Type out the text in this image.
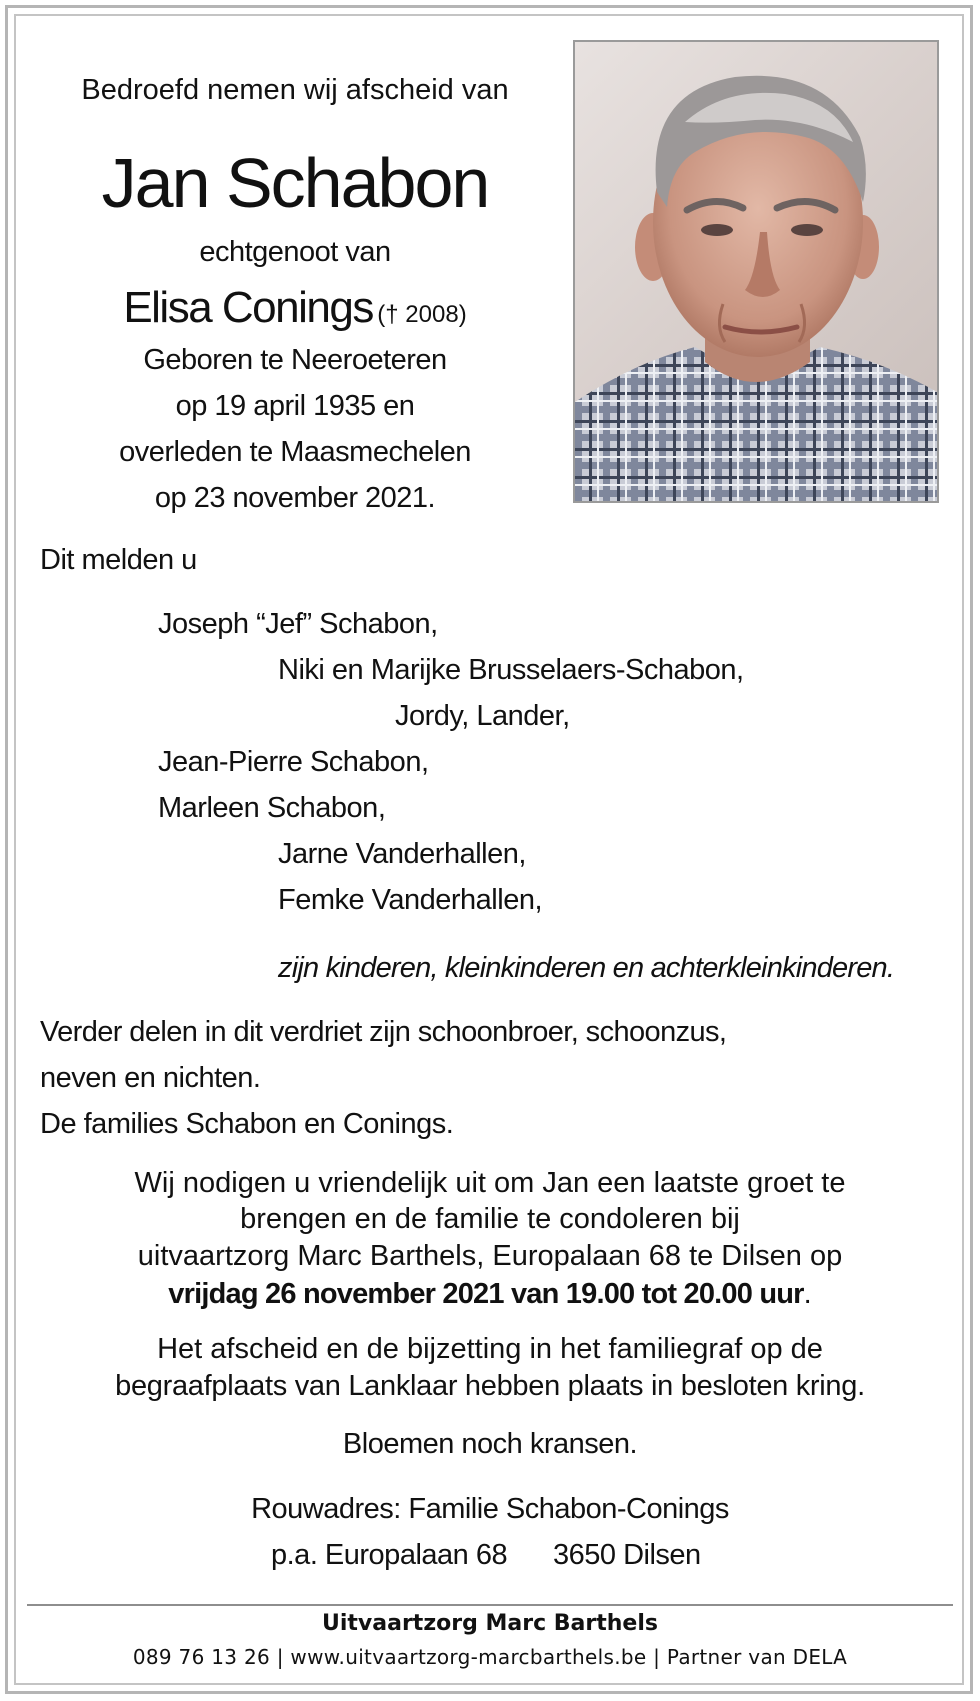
Bedroefd nemen wij afscheid van
Jan Schabon
echtgenoot van
Elisa Conings († 2008)
Geboren te Neeroeteren
op 19 april 1935 en
overleden te Maasmechelen
op 23 november 2021.
Dit melden u
Joseph “Jef” Schabon,
Niki en Marijke Brusselaers-Schabon,
Jordy, Lander,
Jean-Pierre Schabon,
Marleen Schabon,
Jarne Vanderhallen,
Femke Vanderhallen,
zijn kinderen, kleinkinderen en achterkleinkinderen.
Verder delen in dit verdriet zijn schoonbroer, schoonzus,
neven en nichten.
De families Schabon en Conings.
Wij nodigen u vriendelijk uit om Jan een laatste groet te
brengen en de familie te condoleren bij
uitvaartzorg Marc Barthels, Europalaan 68 te Dilsen op
vrijdag 26 november 2021 van 19.00 tot 20.00 uur.
Het afscheid en de bijzetting in het familiegraf op de
begraafplaats van Lanklaar hebben plaats in besloten kring.
Bloemen noch kransen.
Rouwadres: Familie Schabon-Conings
p.a. Europalaan 68 3650 Dilsen
Uitvaartzorg Marc Barthels
089 76 13 26 | www.uitvaartzorg-marcbarthels.be | Partner van DELA
